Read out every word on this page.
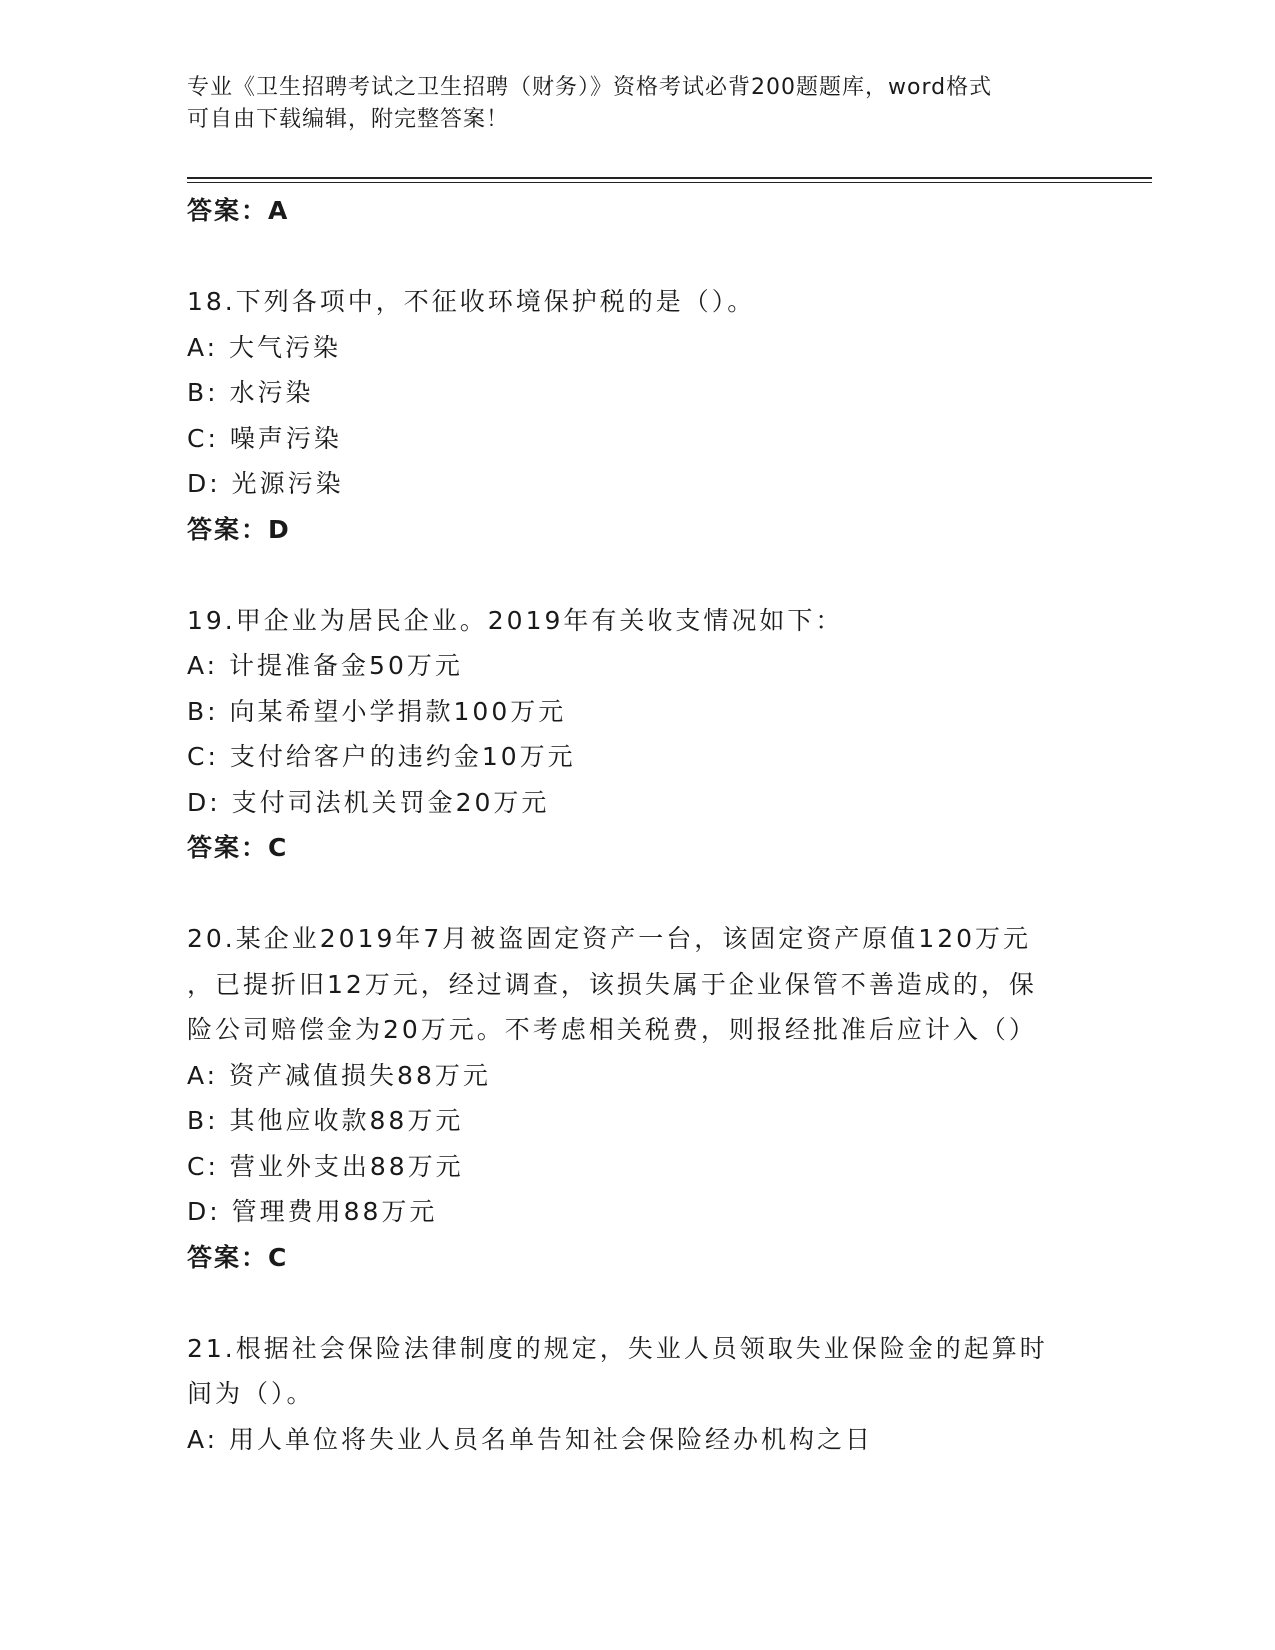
专业《卫生招聘考试之卫生招聘（财务）》资格考试必背200题题库，word格式
可自由下载编辑，附完整答案！
答案：A
18.下列各项中，不征收环境保护税的是（）。
A: 大气污染
B: 水污染
C: 噪声污染
D: 光源污染
答案：D
19.甲企业为居民企业。2019年有关收支情况如下：
A: 计提准备金50万元
B: 向某希望小学捐款100万元
C: 支付给客户的违约金10万元
D: 支付司法机关罚金20万元
答案：C
20.某企业2019年7月被盗固定资产一台，该固定资产原值120万元
，已提折旧12万元，经过调查，该损失属于企业保管不善造成的，保
险公司赔偿金为20万元。不考虑相关税费，则报经批准后应计入（）
A: 资产减值损失88万元
B: 其他应收款88万元
C: 营业外支出88万元
D: 管理费用88万元
答案：C
21.根据社会保险法律制度的规定，失业人员领取失业保险金的起算时
间为（）。
A: 用人单位将失业人员名单告知社会保险经办机构之日
